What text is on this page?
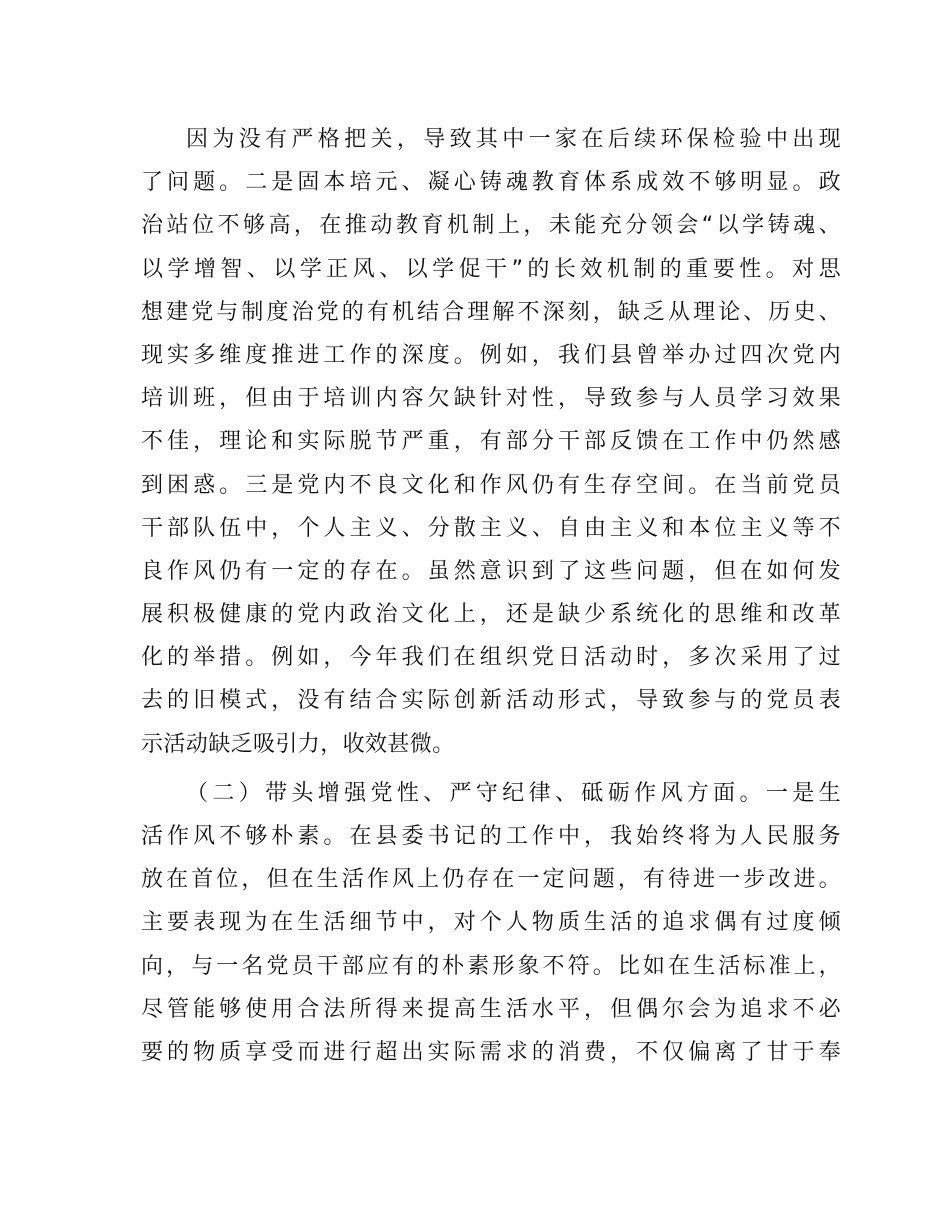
因为没有严格把关，导致其中一家在后续环保检验中出现
了问题。二是固本培元、凝心铸魂教育体系成效不够明显。政
治站位不够高，在推动教育机制上，未能充分领会“以学铸魂、
以学增智、以学正风、以学促干”的长效机制的重要性。对思
想建党与制度治党的有机结合理解不深刻，缺乏从理论、历史、
现实多维度推进工作的深度。例如，我们县曾举办过四次党内
培训班，但由于培训内容欠缺针对性，导致参与人员学习效果
不佳，理论和实际脱节严重，有部分干部反馈在工作中仍然感
到困惑。三是党内不良文化和作风仍有生存空间。在当前党员
干部队伍中，个人主义、分散主义、自由主义和本位主义等不
良作风仍有一定的存在。虽然意识到了这些问题，但在如何发
展积极健康的党内政治文化上，还是缺少系统化的思维和改革
化的举措。例如，今年我们在组织党日活动时，多次采用了过
去的旧模式，没有结合实际创新活动形式，导致参与的党员表
示活动缺乏吸引力，收效甚微。
（二）带头增强党性、严守纪律、砥砺作风方面。一是生
活作风不够朴素。在县委书记的工作中，我始终将为人民服务
放在首位，但在生活作风上仍存在一定问题，有待进一步改进。
主要表现为在生活细节中，对个人物质生活的追求偶有过度倾
向，与一名党员干部应有的朴素形象不符。比如在生活标准上，
尽管能够使用合法所得来提高生活水平，但偶尔会为追求不必
要的物质享受而进行超出实际需求的消费，不仅偏离了甘于奉
